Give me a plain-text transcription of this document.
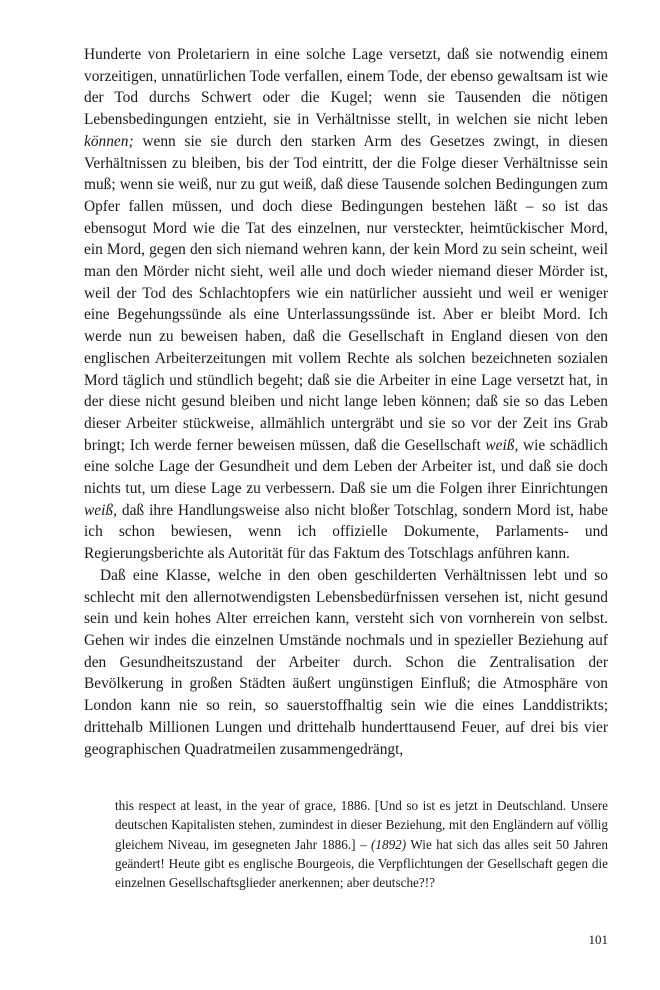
Hunderte von Proletariern in eine solche Lage versetzt, daß sie notwendig einem vorzeitigen, unnatürlichen Tode verfallen, einem Tode, der ebenso gewaltsam ist wie der Tod durchs Schwert oder die Kugel; wenn sie Tausenden die nötigen Lebensbedingungen entzieht, sie in Verhältnisse stellt, in welchen sie nicht leben können; wenn sie sie durch den starken Arm des Gesetzes zwingt, in diesen Verhältnissen zu bleiben, bis der Tod eintritt, der die Folge dieser Verhältnisse sein muß; wenn sie weiß, nur zu gut weiß, daß diese Tausende solchen Bedingungen zum Opfer fallen müssen, und doch diese Bedingungen bestehen läßt – so ist das ebensogut Mord wie die Tat des einzelnen, nur versteckter, heimtückischer Mord, ein Mord, gegen den sich niemand wehren kann, der kein Mord zu sein scheint, weil man den Mörder nicht sieht, weil alle und doch wieder niemand dieser Mörder ist, weil der Tod des Schlachtopfers wie ein natürlicher aussieht und weil er weniger eine Begehungssünde als eine Unterlassungssünde ist. Aber er bleibt Mord. Ich werde nun zu beweisen haben, daß die Gesellschaft in England diesen von den englischen Arbeiterzeitungen mit vollem Rechte als solchen bezeichneten sozialen Mord täglich und stündlich begeht; daß sie die Arbeiter in eine Lage versetzt hat, in der diese nicht gesund bleiben und nicht lange leben können; daß sie so das Leben dieser Arbeiter stückweise, allmählich untergräbt und sie so vor der Zeit ins Grab bringt; Ich werde ferner beweisen müssen, daß die Gesellschaft weiß, wie schädlich eine solche Lage der Gesundheit und dem Leben der Arbeiter ist, und daß sie doch nichts tut, um diese Lage zu verbessern. Daß sie um die Folgen ihrer Einrichtungen weiß, daß ihre Handlungsweise also nicht bloßer Totschlag, sondern Mord ist, habe ich schon bewiesen, wenn ich offizielle Dokumente, Parlaments- und Regierungsberichte als Autorität für das Faktum des Totschlags anführen kann.

Daß eine Klasse, welche in den oben geschilderten Verhältnissen lebt und so schlecht mit den allernotwendigsten Lebensbedürfnissen versehen ist, nicht gesund sein und kein hohes Alter erreichen kann, versteht sich von vornherein von selbst. Gehen wir indes die einzelnen Umstände nochmals und in spezieller Beziehung auf den Gesundheitszustand der Arbeiter durch. Schon die Zentralisation der Bevölkerung in großen Städten äußert ungünstigen Einfluß; die Atmosphäre von London kann nie so rein, so sauerstoffhaltig sein wie die eines Landdistrikts; drittehalb Millionen Lungen und drittehalb hunderttausend Feuer, auf drei bis vier geographischen Quadratmeilen zusammengedrängt,

this respect at least, in the year of grace, 1886. [Und so ist es jetzt in Deutschland. Unsere deutschen Kapitalisten stehen, zumindest in dieser Beziehung, mit den Engländern auf völlig gleichem Niveau, im gesegneten Jahr 1886.] – (1892) Wie hat sich das alles seit 50 Jahren geändert! Heute gibt es englische Bourgeois, die Verpflichtungen der Gesellschaft gegen die einzelnen Gesellschaftsglieder anerkennen; aber deutsche?!?

101
